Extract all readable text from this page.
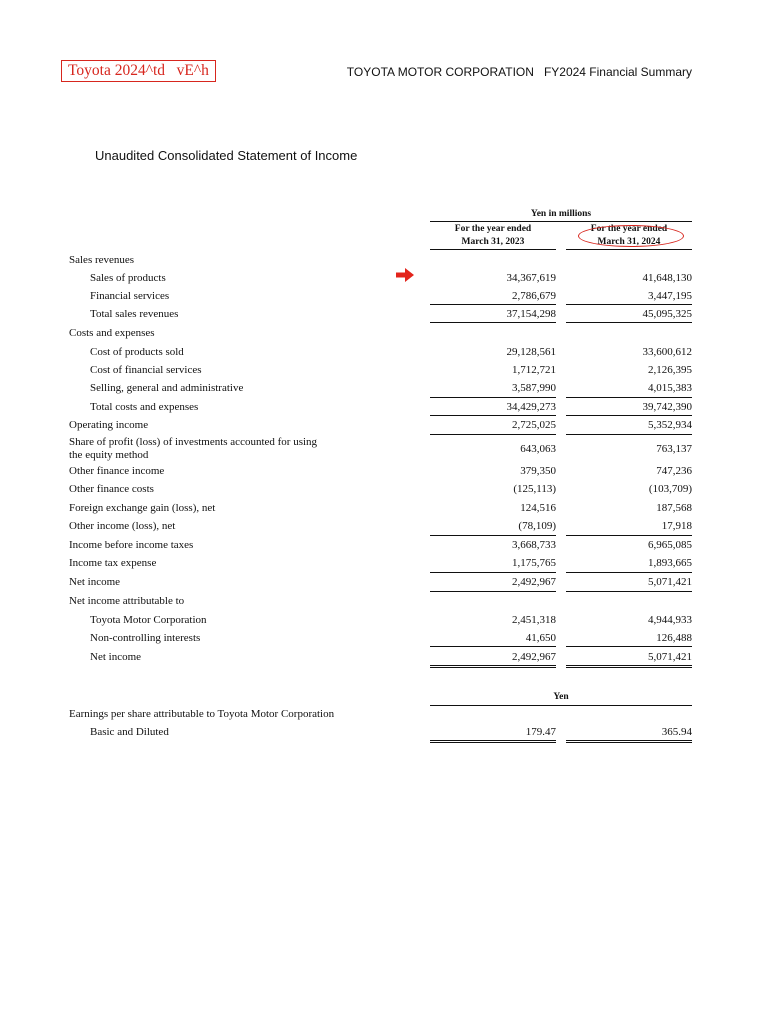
Toyota 2024^td   vE^h	TOYOTA MOTOR CORPORATION FY2024 Financial Summary
Unaudited Consolidated Statement of Income
Yen in millions
For the year ended
March 31, 2023
For the year ended
March 31, 2024
Sales revenues
Sales of products	34,367,619	41,648,130
Financial services	2,786,679	3,447,195
Total sales revenues	37,154,298	45,095,325
Costs and expenses
Cost of products sold	29,128,561	33,600,612
Cost of financial services	1,712,721	2,126,395
Selling, general and administrative	3,587,990	4,015,383
Total costs and expenses	34,429,273	39,742,390
Operating income	2,725,025	5,352,934
Share of profit (loss) of investments accounted for using the equity method	643,063	763,137
Other finance income	379,350	747,236
Other finance costs	(125,113)	(103,709)
Foreign exchange gain (loss), net	124,516	187,568
Other income (loss), net	(78,109)	17,918
Income before income taxes	3,668,733	6,965,085
Income tax expense	1,175,765	1,893,665
Net income	2,492,967	5,071,421
Net income attributable to
Toyota Motor Corporation	2,451,318	4,944,933
Non-controlling interests	41,650	126,488
Net income	2,492,967	5,071,421
Yen
Earnings per share attributable to Toyota Motor Corporation
Basic and Diluted	179.47	365.94
